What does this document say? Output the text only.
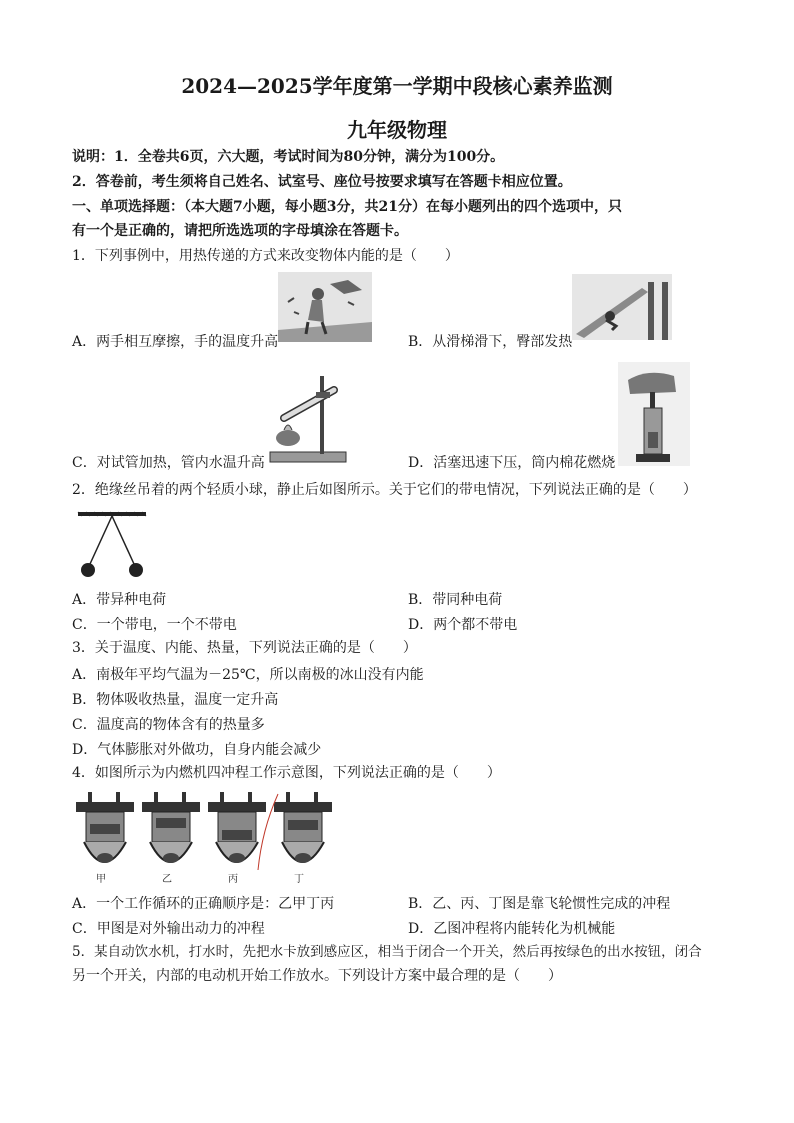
2024—2025学年度第一学期中段核心素养监测
九年级物理
说明：1．全卷共6页，六大题，考试时间为80分钟，满分为100分。
2．答卷前，考生须将自己姓名、试室号、座位号按要求填写在答题卡相应位置。
一、单项选择题：（本大题7小题，每小题3分，共21分）在每小题列出的四个选项中，只
有一个是正确的，请把所选选项的字母填涂在答题卡。
1．下列事例中，用热传递的方式来改变物体内能的是（　　）
A．两手相互摩擦，手的温度升高	B．从滑梯滑下，臀部发热
C．对试管加热，管内水温升高	D．活塞迅速下压，筒内棉花燃烧
2．绝缘丝吊着的两个轻质小球，静止后如图所示。关于它们的带电情况，下列说法正确的是（　　）
A．带异种电荷	B．带同种电荷
C．一个带电，一个不带电	D．两个都不带电
3．关于温度、内能、热量，下列说法正确的是（　　）
A．南极年平均气温为－25℃，所以南极的冰山没有内能
B．物体吸收热量，温度一定升高
C．温度高的物体含有的热量多
D．气体膨胀对外做功，自身内能会减少
4．如图所示为内燃机四冲程工作示意图，下列说法正确的是（　　）
甲	乙	丙	丁
A．一个工作循环的正确顺序是：乙甲丁丙	B．乙、丙、丁图是靠飞轮惯性完成的冲程
C．甲图是对外输出动力的冲程	D．乙图冲程将内能转化为机械能
5．某自动饮水机，打水时，先把水卡放到感应区，相当于闭合一个开关，然后再按绿色的出水按钮，闭合
另一个开关，内部的电动机开始工作放水。下列设计方案中最合理的是（　　）
